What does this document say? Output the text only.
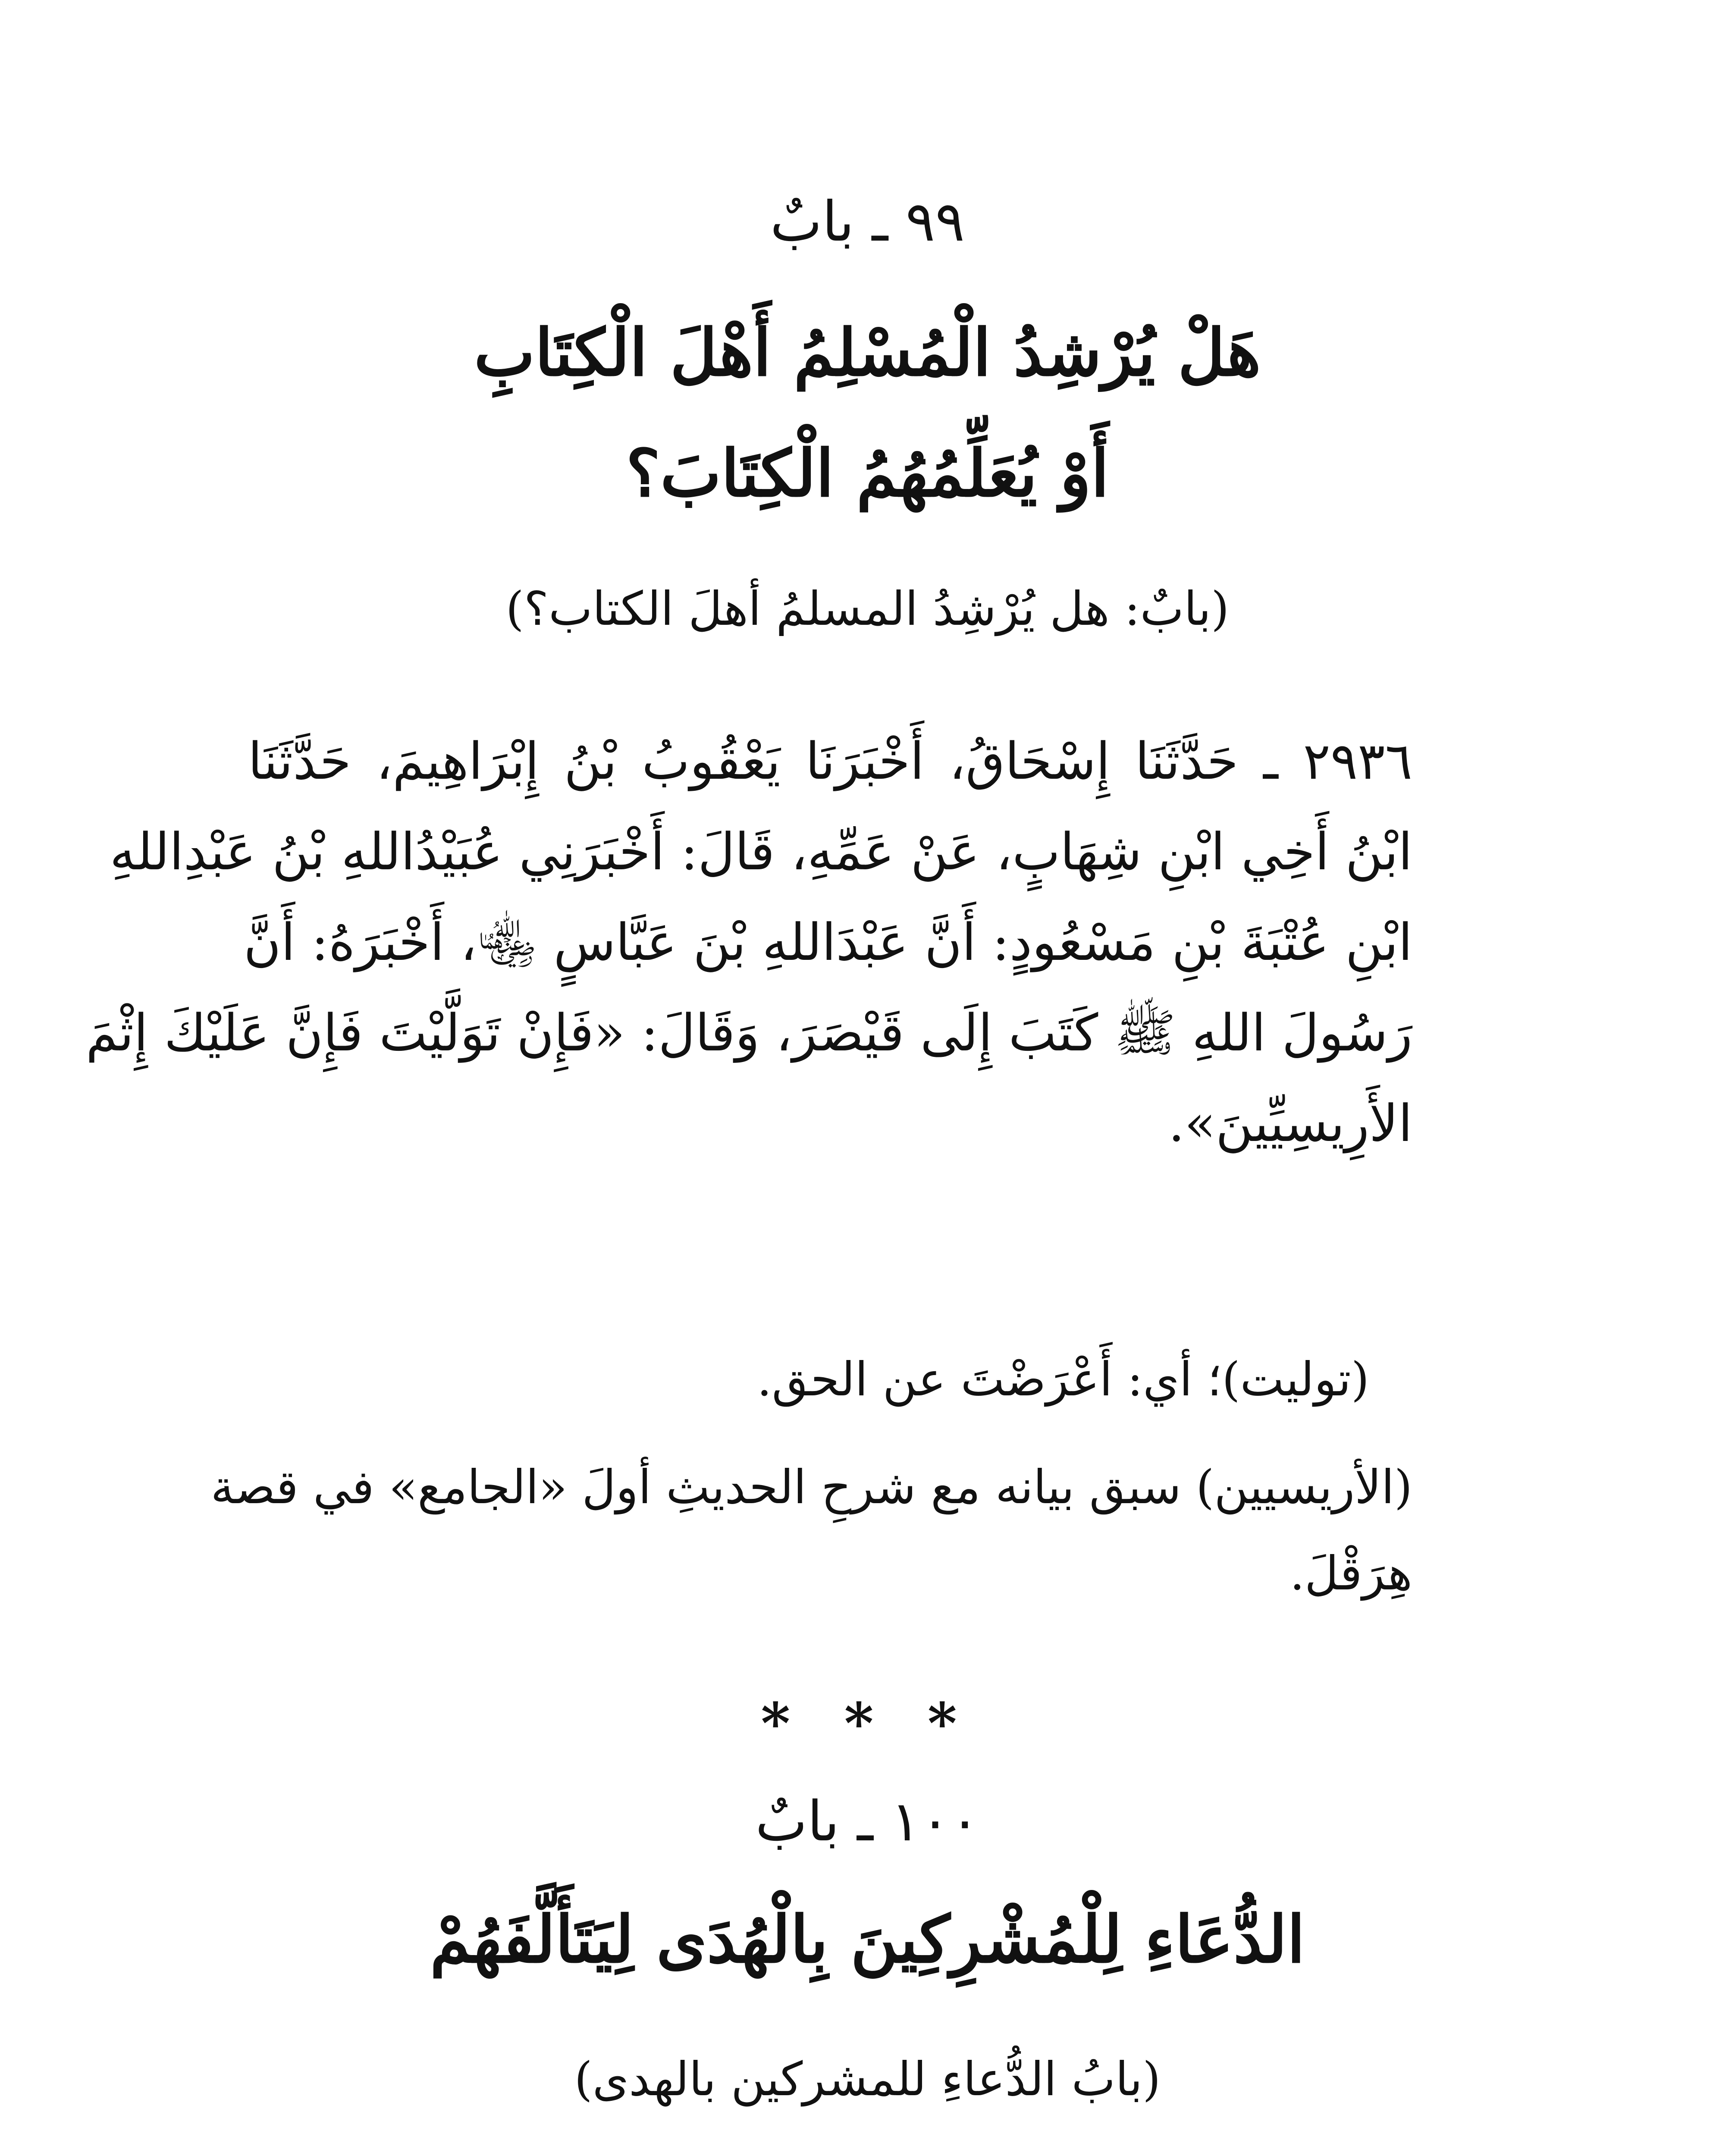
٩٩ ـ بابٌ
هَلْ يُرْشِدُ الْمُسْلِمُ أَهْلَ الْكِتَابِ
أَوْ يُعَلِّمُهُمُ الْكِتَابَ؟
(بابٌ: هل يُرْشِدُ المسلمُ أهلَ الكتاب؟)
٢٩٣٦ ـ حَدَّثَنَا إِسْحَاقُ، أَخْبَرَنَا يَعْقُوبُ بْنُ إِبْرَاهِيمَ، حَدَّثَنَا
ابْنُ أَخِي ابْنِ شِهَابٍ، عَنْ عَمِّهِ، قَالَ: أَخْبَرَنِي عُبَيْدُاللهِ بْنُ عَبْدِاللهِ
ابْنِ عُتْبَةَ بْنِ مَسْعُودٍ: أَنَّ عَبْدَاللهِ بْنَ عَبَّاسٍ ﵄، أَخْبَرَهُ: أَنَّ
رَسُولَ اللهِ ﷺ كَتَبَ إِلَى قَيْصَرَ، وَقَالَ: «فَإِنْ تَوَلَّيْتَ فَإِنَّ عَلَيْكَ إِثْمَ
الأَرِيسِيِّينَ».
(توليت)؛ أي: أَعْرَضْتَ عن الحق.
(الأريسيين) سبق بيانه مع شرحِ الحديثِ أولَ «الجامع» في قصة
هِرَقْلَ.
* * *
١٠٠ ـ بابٌ
الدُّعَاءِ لِلْمُشْرِكِينَ بِالْهُدَى لِيَتَأَلَّفَهُمْ
(بابُ الدُّعاءِ للمشركين بالهدى)
